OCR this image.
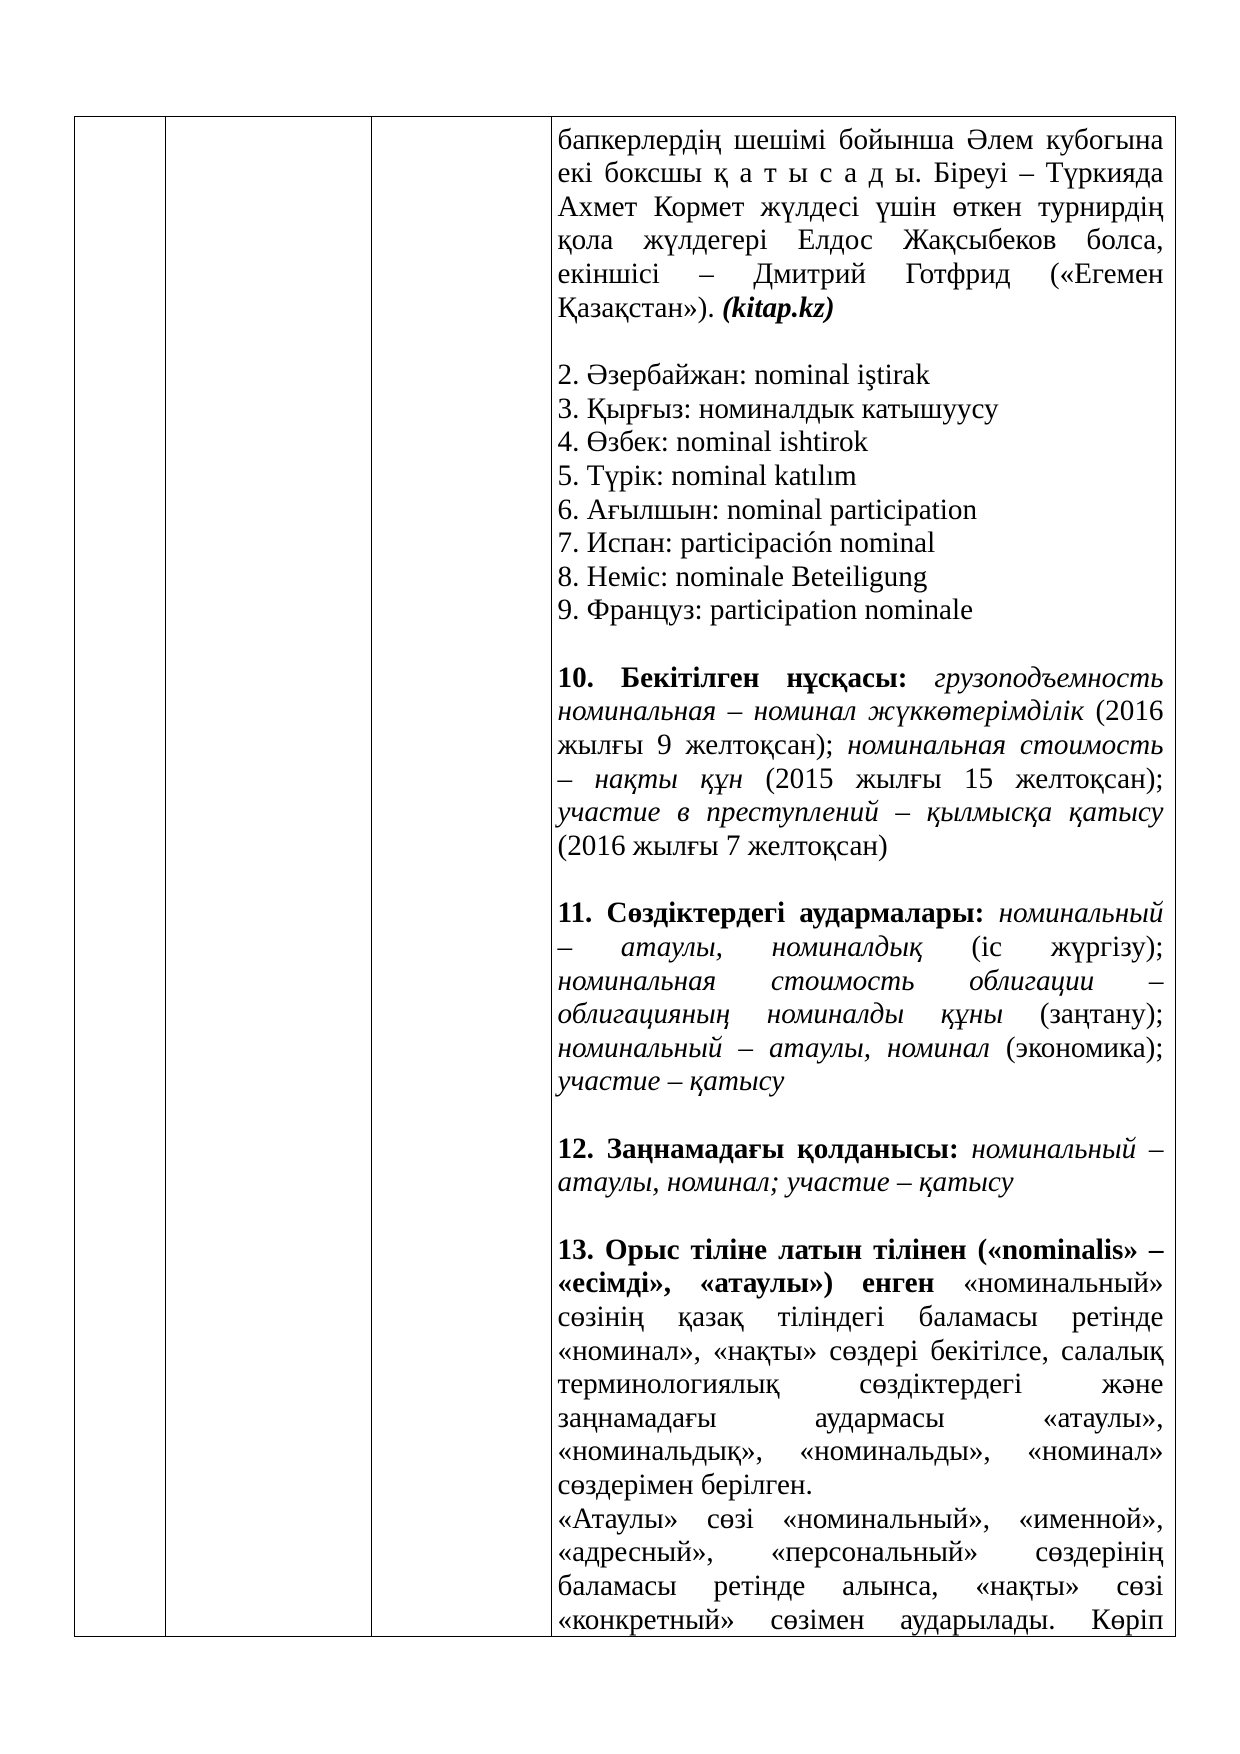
бапкерлердің шешімі бойынша Әлем кубогына
екі боксшы қ а т ы с а д ы. Біреуі – Түркияда
Ахмет Кормет жүлдесі үшін өткен турнирдің
қола жүлдегері Елдос Жақсыбеков болса,
екіншісі – Дмитрий Готфрид («Егемен
Қазақстан»). (kitap.kz)
2. Әзербайжан: nominal iştirak
3. Қырғыз: номиналдык катышуусу
4. Өзбек: nominal ishtirok
5. Түрік: nominal katılım
6. Ағылшын: nominal participation
7. Испан: participación nominal
8. Неміс: nominale Beteiligung
9. Француз: participation nominale
10. Бекітілген нұсқасы: грузоподъемность
номинальная – номинал жүккөтерімділік (2016
жылғы 9 желтоқсан); номинальная стоимость
– нақты құн (2015 жылғы 15 желтоқсан);
участие в преступлений – қылмысқа қатысу
(2016 жылғы 7 желтоқсан)
11. Сөздіктердегі аудармалары: номинальный
– атаулы, номиналдық (іс жүргізу);
номинальная стоимость облигации –
облигацияның номиналды құны (заңтану);
номинальный – атаулы, номинал (экономика);
участие – қатысу
12. Заңнамадағы қолданысы: номинальный –
атаулы, номинал; участие – қатысу
13. Орыс тіліне латын тілінен («nominalis» –
«есімді», «атаулы») енген «номинальный»
сөзінің қазақ тіліндегі баламасы ретінде
«номинал», «нақты» сөздері бекітілсе, салалық
терминологиялық сөздіктердегі және
заңнамадағы аудармасы «атаулы»,
«номинальдық», «номинальды», «номинал»
сөздерімен берілген.
«Атаулы» сөзі «номинальный», «именной»,
«адресный», «персональный» сөздерінің
баламасы ретінде алынса, «нақты» сөзі
«конкретный» сөзімен аударылады. Көріп
